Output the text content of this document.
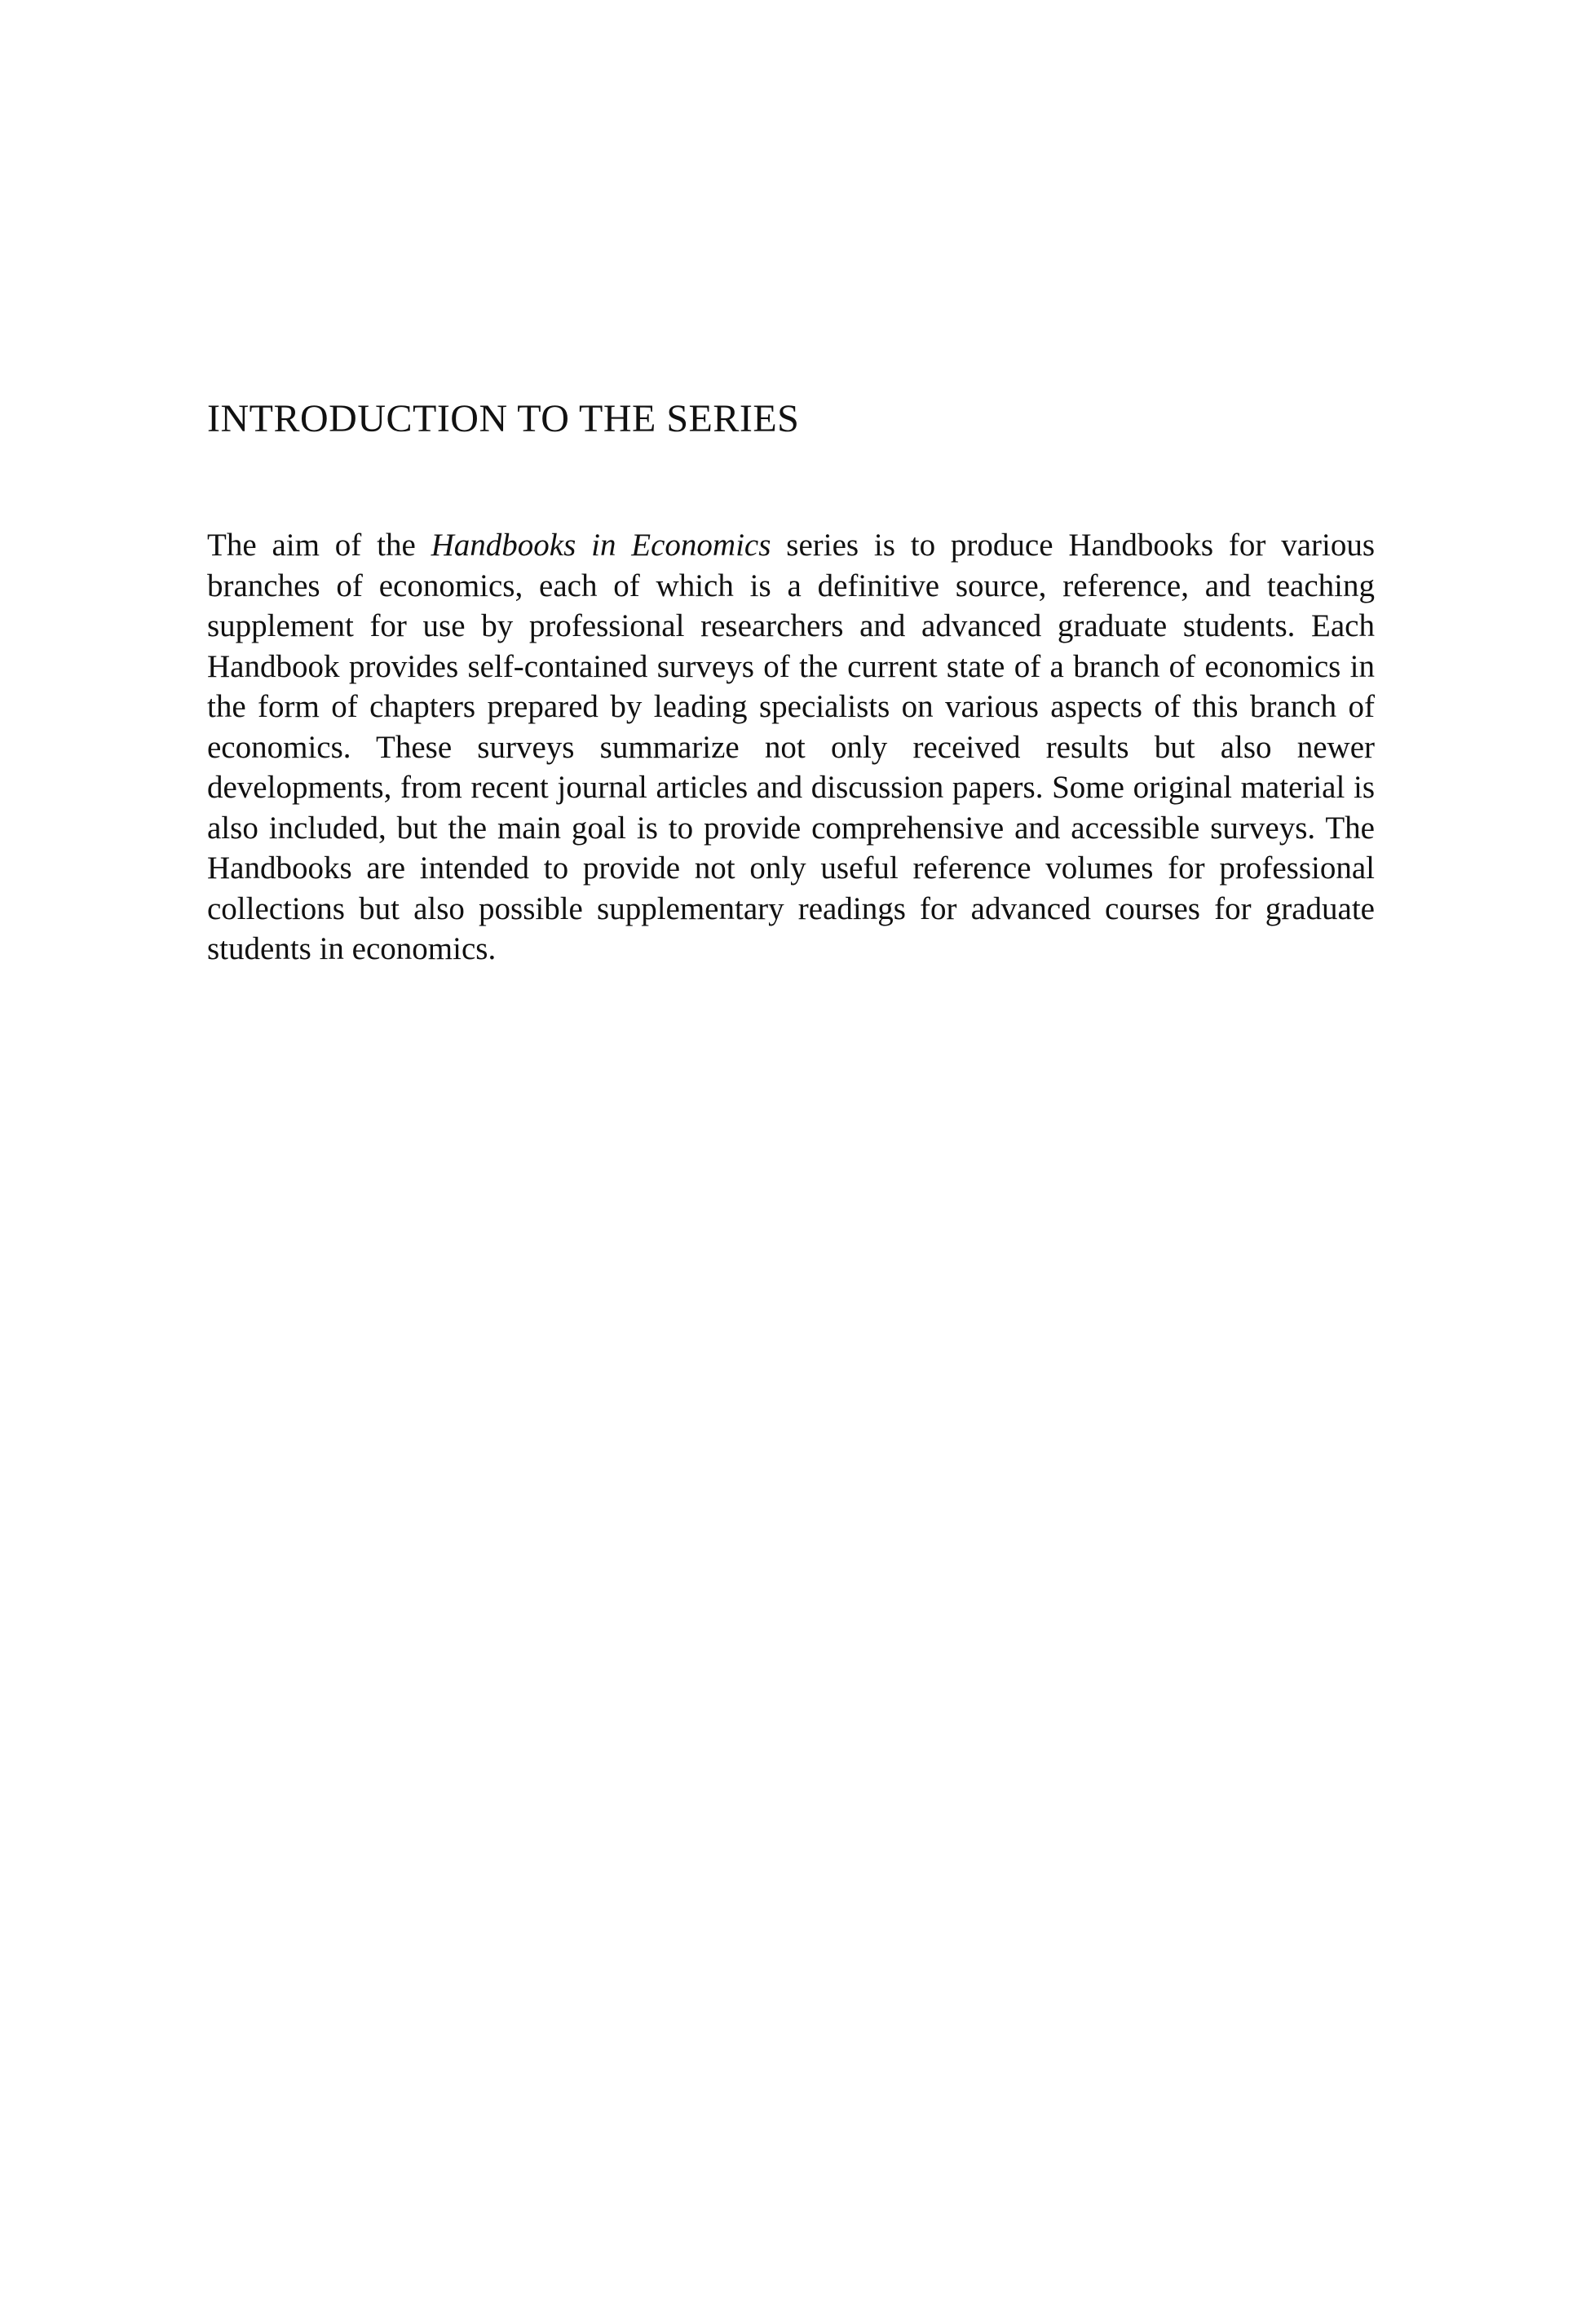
INTRODUCTION TO THE SERIES

The aim of the Handbooks in Economics series is to produce Handbooks for various branches of economics, each of which is a definitive source, reference, and teaching supplement for use by professional researchers and advanced graduate students. Each Handbook provides self-contained surveys of the current state of a branch of economics in the form of chapters prepared by leading specialists on various aspects of this branch of economics. These surveys summarize not only received results but also newer developments, from recent journal articles and discussion papers. Some original material is also included, but the main goal is to provide comprehensive and accessible surveys. The Handbooks are intended to provide not only useful reference volumes for professional collections but also possible supplementary readings for advanced courses for graduate students in economics.
